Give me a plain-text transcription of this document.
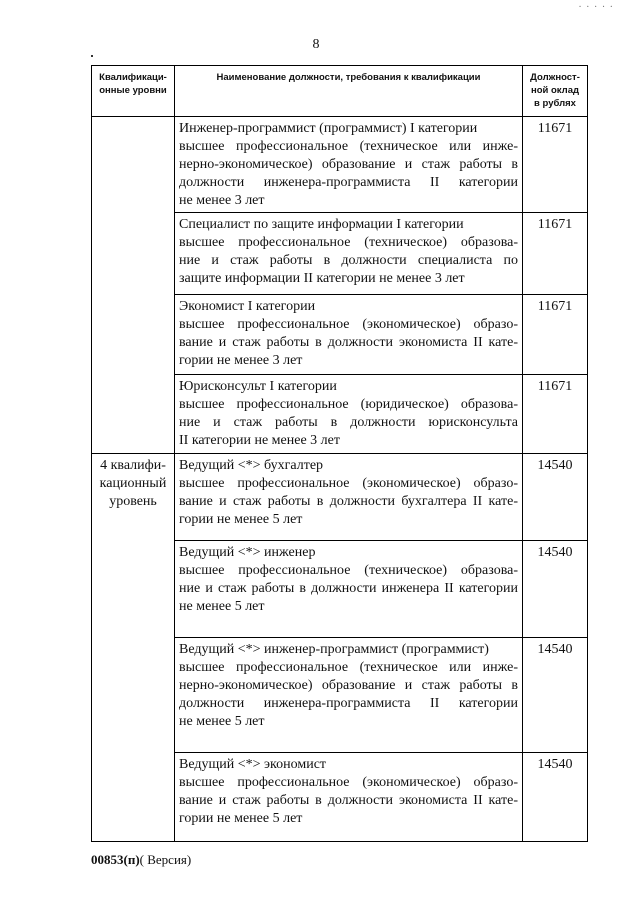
8
· · · · ·
Квалификаци-
онные уровни	Наименование должности, требования к квалификации	Должност-
ной оклад
в рублях

	Инженер-программист (программист) I категории
высшее профессиональное (техническое или инже-
нерно-экономическое) образование и стаж работы в
должности инженера-программиста II категории
не менее 3 лет	11671

	Специалист по защите информации I категории
высшее профессиональное (техническое) образова-
ние и стаж работы в должности специалиста по
защите информации II категории не менее 3 лет	11671

	Экономист I категории
высшее профессиональное (экономическое) образо-
вание и стаж работы в должности экономиста II кате-
гории не менее 3 лет	11671

	Юрисконсульт I категории
высшее профессиональное (юридическое) образова-
ние и стаж работы в должности юрисконсульта
II категории не менее 3 лет	11671

4 квалифи-
кационный
уровень	Ведущий <*> бухгалтер
высшее профессиональное (экономическое) образо-
вание и стаж работы в должности бухгалтера II кате-
гории не менее 5 лет	14540

	Ведущий <*> инженер
высшее профессиональное (техническое) образова-
ние и стаж работы в должности инженера II категории
не менее 5 лет	14540

	Ведущий <*> инженер-программист (программист)
высшее профессиональное (техническое или инже-
нерно-экономическое) образование и стаж работы в
должности инженера-программиста II категории
не менее 5 лет	14540

	Ведущий <*> экономист
высшее профессиональное (экономическое) образо-
вание и стаж работы в должности экономиста II кате-
гории не менее 5 лет	14540
00853(п)( Версия)
